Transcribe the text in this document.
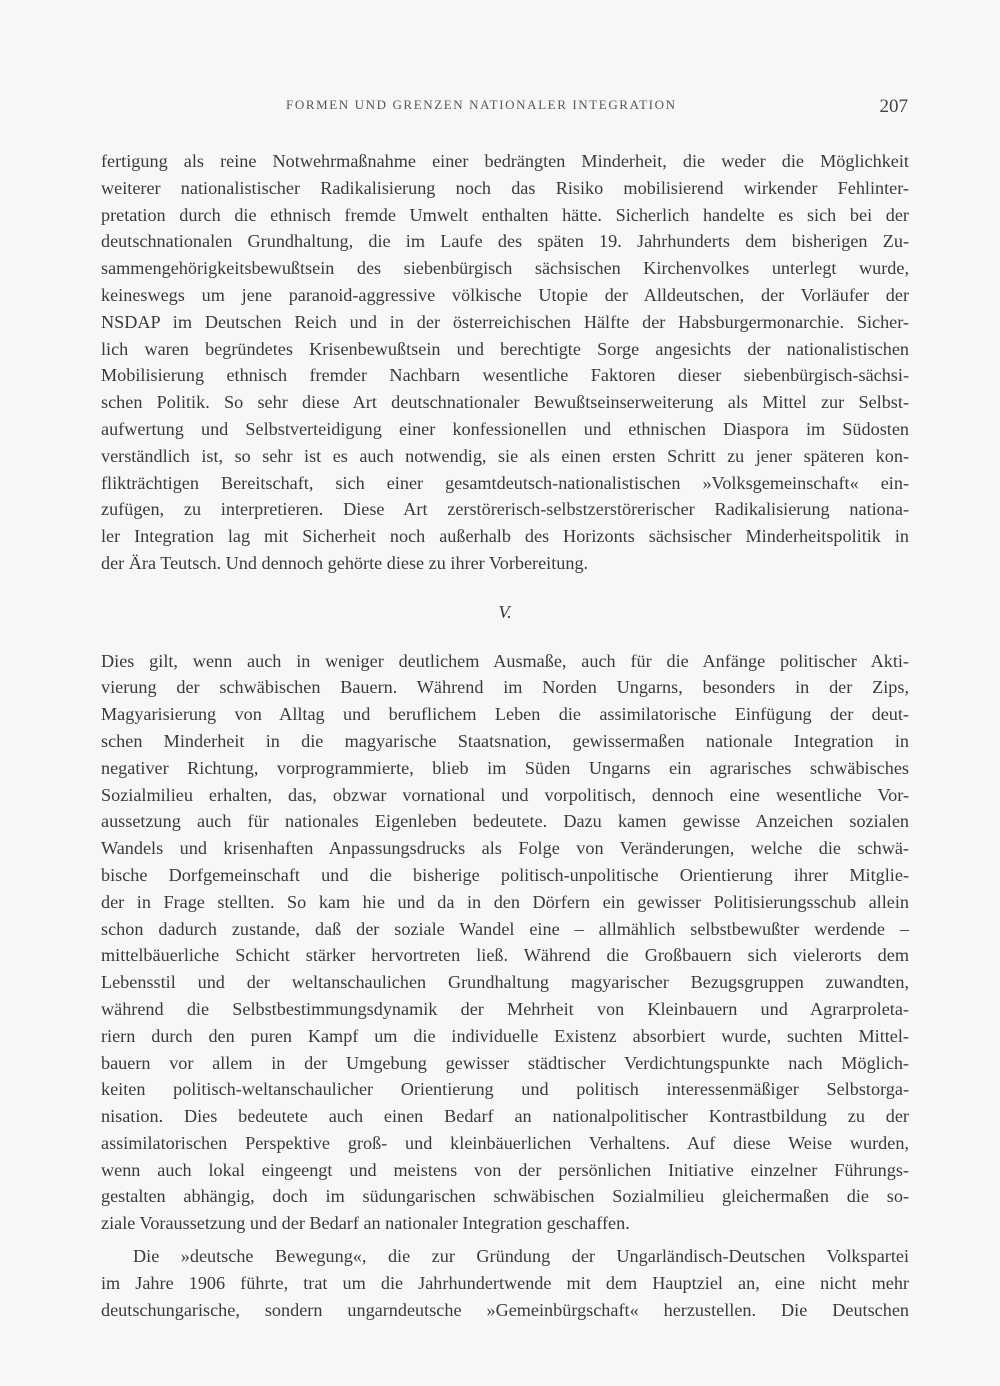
FORMEN UND GRENZEN NATIONALER INTEGRATION	207
fertigung als reine Notwehrmaßnahme einer bedrängten Minderheit, die weder die Möglichkeit
weiterer nationalistischer Radikalisierung noch das Risiko mobilisierend wirkender Fehlinter-
pretation durch die ethnisch fremde Umwelt enthalten hätte. Sicherlich handelte es sich bei der
deutschnationalen Grundhaltung, die im Laufe des späten 19. Jahrhunderts dem bisherigen Zu-
sammengehörigkeitsbewußtsein des siebenbürgisch sächsischen Kirchenvolkes unterlegt wurde,
keineswegs um jene paranoid-aggressive völkische Utopie der Alldeutschen, der Vorläufer der
NSDAP im Deutschen Reich und in der österreichischen Hälfte der Habsburgermonarchie. Sicher-
lich waren begründetes Krisenbewußtsein und berechtigte Sorge angesichts der nationalistischen
Mobilisierung ethnisch fremder Nachbarn wesentliche Faktoren dieser siebenbürgisch-sächsi-
schen Politik. So sehr diese Art deutschnationaler Bewußtseinserweiterung als Mittel zur Selbst-
aufwertung und Selbstverteidigung einer konfessionellen und ethnischen Diaspora im Südosten
verständlich ist, so sehr ist es auch notwendig, sie als einen ersten Schritt zu jener späteren kon-
flikträchtigen Bereitschaft, sich einer gesamtdeutsch-nationalistischen »Volksgemeinschaft« ein-
zufügen, zu interpretieren. Diese Art zerstörerisch-selbstzerstörerischer Radikalisierung nationa-
ler Integration lag mit Sicherheit noch außerhalb des Horizonts sächsischer Minderheitspolitik in
der Ära Teutsch. Und dennoch gehörte diese zu ihrer Vorbereitung.
V.
Dies gilt, wenn auch in weniger deutlichem Ausmaße, auch für die Anfänge politischer Akti-
vierung der schwäbischen Bauern. Während im Norden Ungarns, besonders in der Zips,
Magyarisierung von Alltag und beruflichem Leben die assimilatorische Einfügung der deut-
schen Minderheit in die magyarische Staatsnation, gewissermaßen nationale Integration in
negativer Richtung, vorprogrammierte, blieb im Süden Ungarns ein agrarisches schwäbisches
Sozialmilieu erhalten, das, obzwar vornational und vorpolitisch, dennoch eine wesentliche Vor-
aussetzung auch für nationales Eigenleben bedeutete. Dazu kamen gewisse Anzeichen sozialen
Wandels und krisenhaften Anpassungsdrucks als Folge von Veränderungen, welche die schwä-
bische Dorfgemeinschaft und die bisherige politisch-unpolitische Orientierung ihrer Mitglie-
der in Frage stellten. So kam hie und da in den Dörfern ein gewisser Politisierungsschub allein
schon dadurch zustande, daß der soziale Wandel eine – allmählich selbstbewußter werdende –
mittelbäuerliche Schicht stärker hervortreten ließ. Während die Großbauern sich vielerorts dem
Lebensstil und der weltanschaulichen Grundhaltung magyarischer Bezugsgruppen zuwandten,
während die Selbstbestimmungsdynamik der Mehrheit von Kleinbauern und Agrarproleta-
riern durch den puren Kampf um die individuelle Existenz absorbiert wurde, suchten Mittel-
bauern vor allem in der Umgebung gewisser städtischer Verdichtungspunkte nach Möglich-
keiten politisch-weltanschaulicher Orientierung und politisch interessenmäßiger Selbstorga-
nisation. Dies bedeutete auch einen Bedarf an nationalpolitischer Kontrastbildung zu der
assimilatorischen Perspektive groß- und kleinbäuerlichen Verhaltens. Auf diese Weise wurden,
wenn auch lokal eingeengt und meistens von der persönlichen Initiative einzelner Führungs-
gestalten abhängig, doch im südungarischen schwäbischen Sozialmilieu gleichermaßen die so-
ziale Voraussetzung und der Bedarf an nationaler Integration geschaffen.
Die »deutsche Bewegung«, die zur Gründung der Ungarländisch-Deutschen Volkspartei
im Jahre 1906 führte, trat um die Jahrhundertwende mit dem Hauptziel an, eine nicht mehr
deutschungarische, sondern ungarndeutsche »Gemeinbürgschaft« herzustellen. Die Deutschen
